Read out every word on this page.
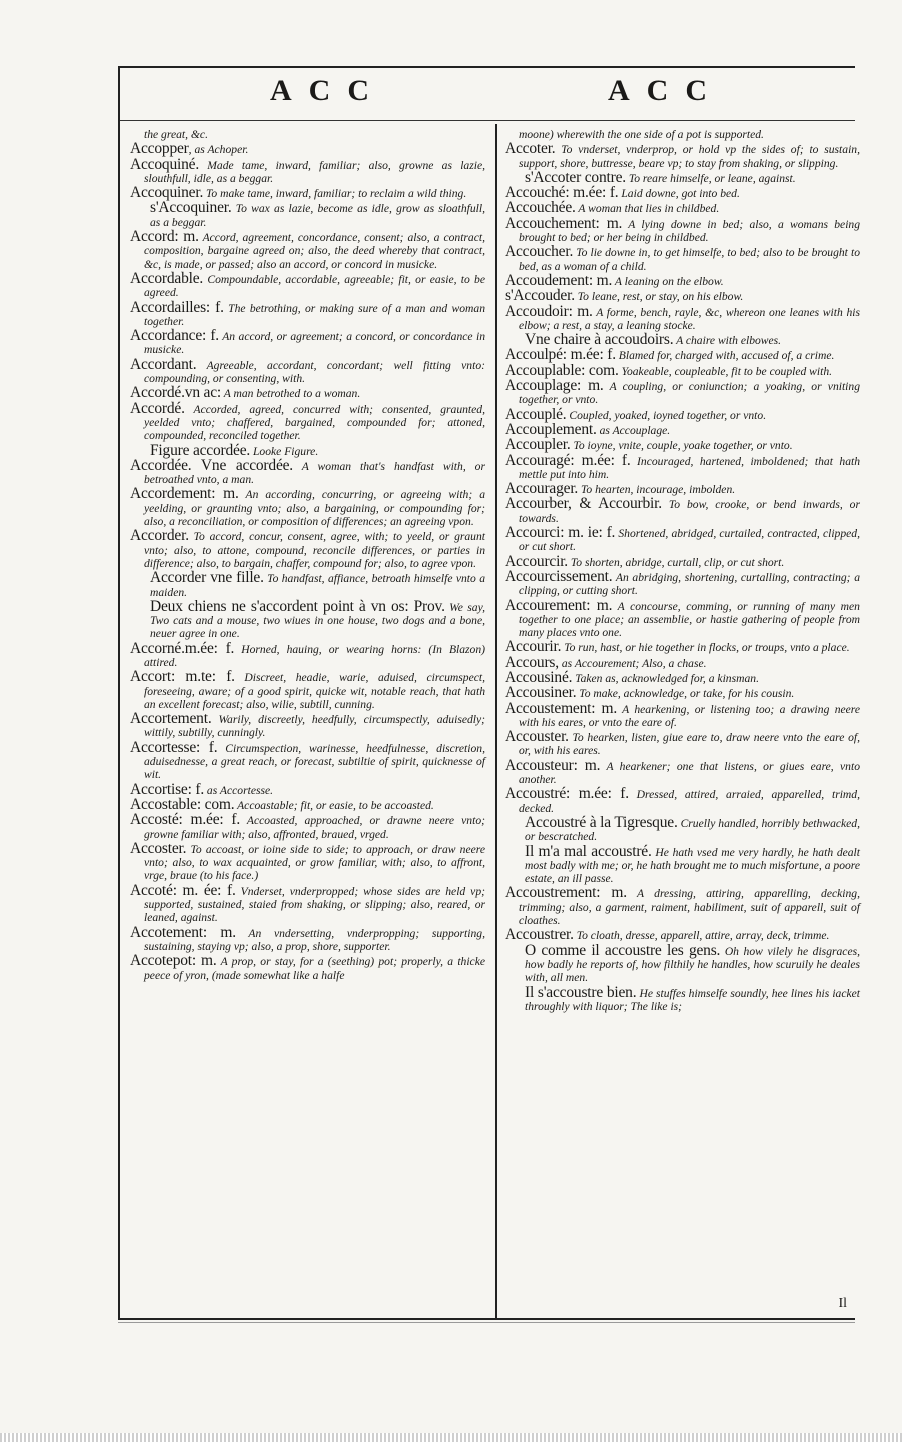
ACC	ACC

the great, &c.

Accopper, as Achoper.

Accoquiné. Made tame, inward, familiar; also, growne as lazie, slouthfull, idle, as a beggar.

Accoquiner. To make tame, inward, familiar; to reclaim a wild thing.

s'Accoquiner. To wax as lazie, become as idle, grow as sloathfull, as a beggar.

Accord: m. Accord, agreement, concordance, consent; also, a contract, composition, bargaine agreed on; also, the deed whereby that contract, &c, is made, or passed; also an accord, or concord in musicke.

Accordable. Compoundable, accordable, agreeable; fit, or easie, to be agreed.

Accordailles: f. The betrothing, or making sure of a man and woman together.

Accordance: f. An accord, or agreement; a concord, or concordance in musicke.

Accordant. Agreeable, accordant, concordant; well fitting vnto: compounding, or consenting, with.

Accordé.vn ac: A man betrothed to a woman.

Accordé. Accorded, agreed, concurred with; consented, graunted, yeelded vnto; chaffered, bargained, compounded for; attoned, compounded, reconciled together.

Figure accordée. Looke Figure.

Accordée. Vne accordée. A woman that's handfast with, or betroathed vnto, a man.

Accordement: m. An according, concurring, or agreeing with; a yeelding, or graunting vnto; also, a bargaining, or compounding for; also, a reconciliation, or composition of differences; an agreeing vpon.

Accorder. To accord, concur, consent, agree, with; to yeeld, or graunt vnto; also, to attone, compound, reconcile differences, or parties in difference; also, to bargain, chaffer, compound for; also, to agree vpon.

Accorder vne fille. To handfast, affiance, betroath himselfe vnto a maiden.

Deux chiens ne s'accordent point à vn os: Prov. We say, Two cats and a mouse, two wiues in one house, two dogs and a bone, neuer agree in one.

Accorné.m.ée: f. Horned, hauing, or wearing horns: (In Blazon) attired.

Accort: m.te: f. Discreet, headie, warie, aduised, circumspect, foreseeing, aware; of a good spirit, quicke wit, notable reach, that hath an excellent forecast; also, wilie, subtill, cunning.

Accortement. Warily, discreetly, heedfully, circumspectly, aduisedly; wittily, subtilly, cunningly.

Accortesse: f. Circumspection, warinesse, heedfulnesse, discretion, aduisednesse, a great reach, or forecast, subtiltie of spirit, quicknesse of wit.

Accortise: f. as Accortesse.

Accostable: com. Accoastable; fit, or easie, to be accoasted.

Accosté: m.ée: f. Accoasted, approached, or drawne neere vnto; growne familiar with; also, affronted, braued, vrged.

Accoster. To accoast, or ioine side to side; to approach, or draw neere vnto; also, to wax acquainted, or grow familiar, with; also, to affront, vrge, braue (to his face.)

Accoté: m. ée: f. Vnderset, vnderpropped; whose sides are held vp; supported, sustained, staied from shaking, or slipping; also, reared, or leaned, against.

Accotement: m. An vndersetting, vnderpropping; supporting, sustaining, staying vp; also, a prop, shore, supporter.

Accotepot: m. A prop, or stay, for a (seething) pot; properly, a thicke peece of yron, (made somewhat like a halfe

moone) wherewith the one side of a pot is supported.

Accoter. To vnderset, vnderprop, or hold vp the sides of; to sustain, support, shore, buttresse, beare vp; to stay from shaking, or slipping.

s'Accoter contre. To reare himselfe, or leane, against.

Accouché: m.ée: f. Laid downe, got into bed.

Accouchée. A woman that lies in childbed.

Accouchement: m. A lying downe in bed; also, a womans being brought to bed; or her being in childbed.

Accoucher. To lie downe in, to get himselfe, to bed; also to be brought to bed, as a woman of a child.

Accoudement: m. A leaning on the elbow.

s'Accouder. To leane, rest, or stay, on his elbow.

Accoudoir: m. A forme, bench, rayle, &c, whereon one leanes with his elbow; a rest, a stay, a leaning stocke.

Vne chaire à accoudoirs. A chaire with elbowes.

Accoulpé: m.ée: f. Blamed for, charged with, accused of, a crime.

Accouplable: com. Yoakeable, coupleable, fit to be coupled with.

Accouplage: m. A coupling, or coniunction; a yoaking, or vniting together, or vnto.

Accouplé. Coupled, yoaked, ioyned together, or vnto.

Accouplement. as Accouplage.

Accoupler. To ioyne, vnite, couple, yoake together, or vnto.

Accouragé: m.ée: f. Incouraged, hartened, imboldened; that hath mettle put into him.

Accourager. To hearten, incourage, imbolden.

Accourber, & Accourbir. To bow, crooke, or bend inwards, or towards.

Accourci: m. ie: f. Shortened, abridged, curtailed, contracted, clipped, or cut short.

Accourcir. To shorten, abridge, curtall, clip, or cut short.

Accourcissement. An abridging, shortening, curtalling, contracting; a clipping, or cutting short.

Accourement: m. A concourse, comming, or running of many men together to one place; an assemblie, or hastie gathering of people from many places vnto one.

Accourir. To run, hast, or hie together in flocks, or troups, vnto a place.

Accours, as Accourement; Also, a chase.

Accousiné. Taken as, acknowledged for, a kinsman.

Accousiner. To make, acknowledge, or take, for his cousin.

Accoustement: m. A hearkening, or listening too; a drawing neere with his eares, or vnto the eare of.

Accouster. To hearken, listen, giue eare to, draw neere vnto the eare of, or, with his eares.

Accousteur: m. A hearkener; one that listens, or giues eare, vnto another.

Accoustré: m.ée: f. Dressed, attired, arraied, apparelled, trimd, decked.

Accoustré à la Tigresque. Cruelly handled, horribly bethwacked, or bescratched.

Il m'a mal accoustré. He hath vsed me very hardly, he hath dealt most badly with me; or, he hath brought me to much misfortune, a poore estate, an ill passe.

Accoustrement: m. A dressing, attiring, apparelling, decking, trimming; also, a garment, raiment, habiliment, suit of apparell, suit of cloathes.

Accoustrer. To cloath, dresse, apparell, attire, array, deck, trimme.

O comme il accoustre les gens. Oh how vilely he disgraces, how badly he reports of, how filthily he handles, how scuruily he deales with, all men.

Il s'accoustre bien. He stuffes himselfe soundly, hee lines his iacket throughly with liquor; The like is;

Il
